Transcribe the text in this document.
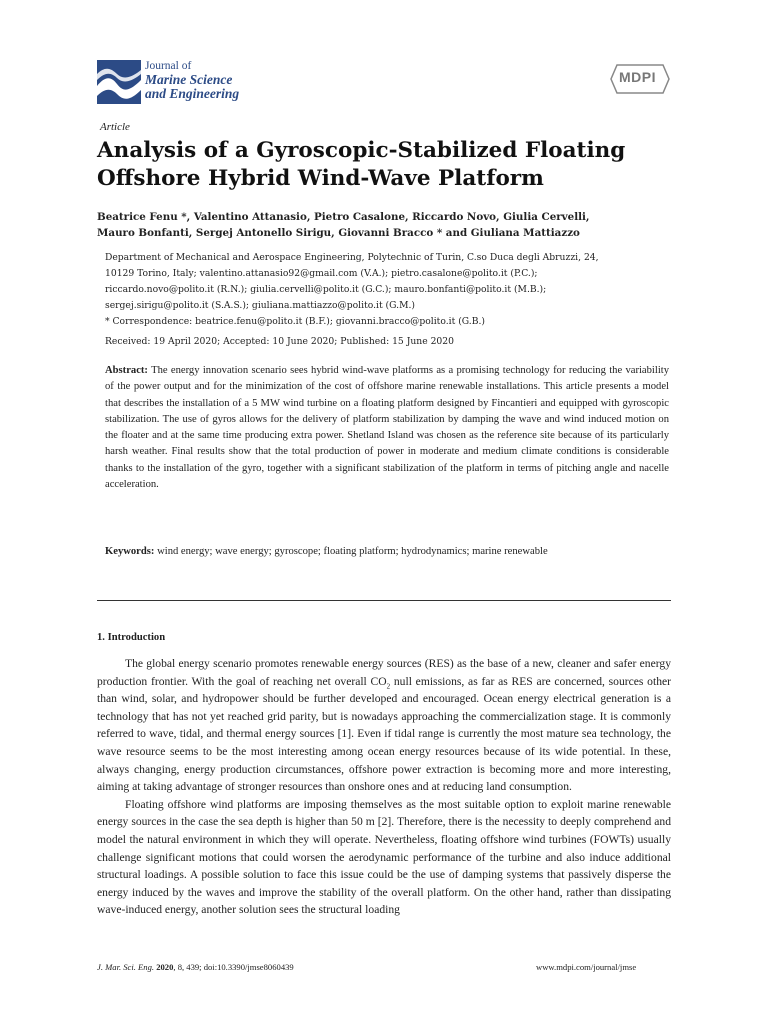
Journal of
Marine Science
and Engineering
MDPI
Article
Analysis of a Gyroscopic-Stabilized Floating
Offshore Hybrid Wind-Wave Platform
Beatrice Fenu *, Valentino Attanasio, Pietro Casalone, Riccardo Novo, Giulia Cervelli,
Mauro Bonfanti, Sergej Antonello Sirigu, Giovanni Bracco * and Giuliana Mattiazzo
Department of Mechanical and Aerospace Engineering, Polytechnic of Turin, C.so Duca degli Abruzzi, 24,
10129 Torino, Italy; valentino.attanasio92@gmail.com (V.A.); pietro.casalone@polito.it (P.C.);
riccardo.novo@polito.it (R.N.); giulia.cervelli@polito.it (G.C.); mauro.bonfanti@polito.it (M.B.);
sergej.sirigu@polito.it (S.A.S.); giuliana.mattiazzo@polito.it (G.M.)
* Correspondence: beatrice.fenu@polito.it (B.F.); giovanni.bracco@polito.it (G.B.)
Received: 19 April 2020; Accepted: 10 June 2020; Published: 15 June 2020
Abstract: The energy innovation scenario sees hybrid wind-wave platforms as a promising technology for reducing the variability of the power output and for the minimization of the cost of offshore marine renewable installations. This article presents a model that describes the installation of a 5 MW wind turbine on a floating platform designed by Fincantieri and equipped with gyroscopic stabilization. The use of gyros allows for the delivery of platform stabilization by damping the wave and wind induced motion on the floater and at the same time producing extra power. Shetland Island was chosen as the reference site because of its particularly harsh weather. Final results show that the total production of power in moderate and medium climate conditions is considerable thanks to the installation of the gyro, together with a significant stabilization of the platform in terms of pitching angle and nacelle acceleration.
Keywords: wind energy; wave energy; gyroscope; floating platform; hydrodynamics; marine renewable
1. Introduction

The global energy scenario promotes renewable energy sources (RES) as the base of a new, cleaner and safer energy production frontier. With the goal of reaching net overall $CO_2$ null emissions, as far as RES are concerned, sources other than wind, solar, and hydropower should be further developed and encouraged. Ocean energy electrical generation is a technology that has not yet reached grid parity, but is nowadays approaching the commercialization stage. It is commonly referred to wave, tidal, and thermal energy sources [1]. Even if tidal range is currently the most mature sea technology, the wave resource seems to be the most interesting among ocean energy resources because of its wide potential. In these, always changing, energy production circumstances, offshore power extraction is becoming more and more interesting, aiming at taking advantage of stronger resources than onshore ones and at reducing land consumption.

Floating offshore wind platforms are imposing themselves as the most suitable option to exploit marine renewable energy sources in the case the sea depth is higher than 50 m [2]. Therefore, there is the necessity to deeply comprehend and model the natural environment in which they will operate. Nevertheless, floating offshore wind turbines (FOWTs) usually challenge significant motions that could worsen the aerodynamic performance of the turbine and also induce additional structural loadings. A possible solution to face this issue could be the use of damping systems that passively disperse the energy induced by the waves and improve the stability of the overall platform. On the other hand, rather than dissipating wave-induced energy, another solution sees the structural loading

J. Mar. Sci. Eng. 2020, 8, 439; doi:10.3390/jmse8060439	www.mdpi.com/journal/jmse
